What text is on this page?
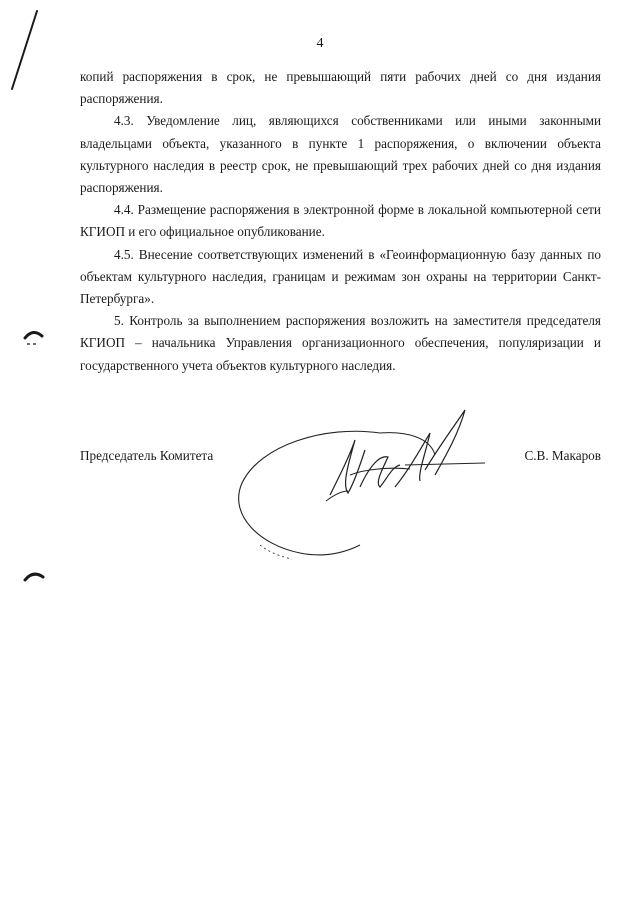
4

копий распоряжения в срок, не превышающий пяти рабочих дней со дня издания распоряжения.

4.3. Уведомление лиц, являющихся собственниками или иными законными владельцами объекта, указанного в пункте 1 распоряжения, о включении объекта культурного наследия в реестр срок, не превышающий трех рабочих дней со дня издания распоряжения.

4.4. Размещение распоряжения в электронной форме в локальной компьютерной сети КГИОП и его официальное опубликование.

4.5. Внесение соответствующих изменений в «Геоинформационную базу данных по объектам культурного наследия, границам и режимам зон охраны на территории Санкт-Петербурга».

5. Контроль за выполнением распоряжения возложить на заместителя председателя КГИОП – начальника Управления организационного обеспечения, популяризации и государственного учета объектов культурного наследия.

Председатель Комитета	С.В. Макаров
